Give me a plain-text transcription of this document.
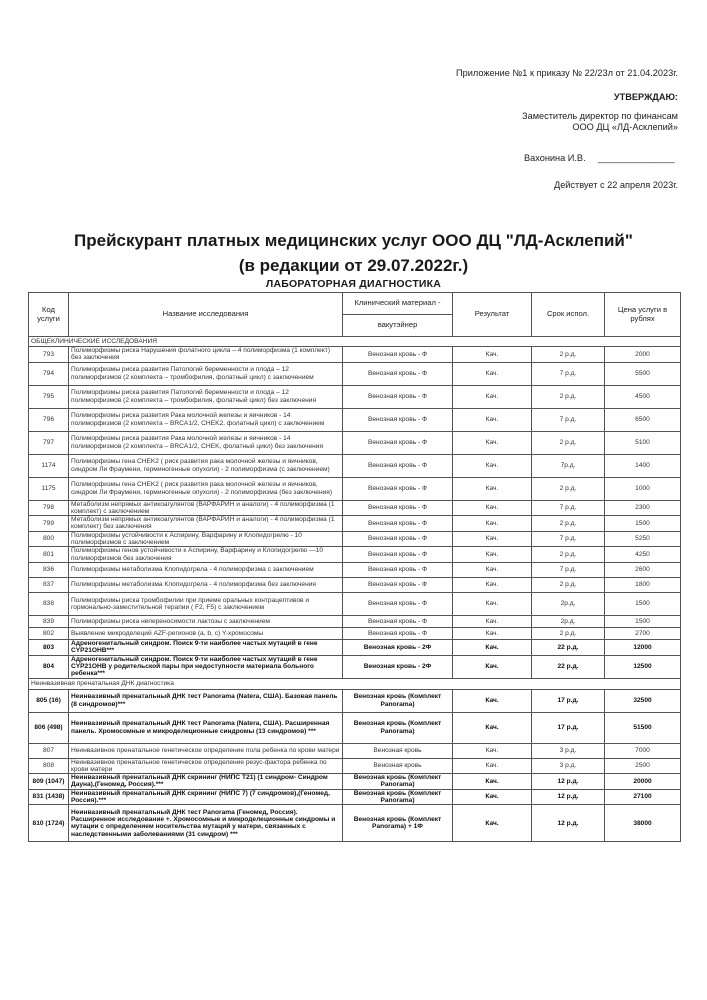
Приложение №1 к приказу № 22/23л от 21.04.2023г.
УТВЕРЖДАЮ:
Заместитель директор по финансам
ООО ДЦ «ЛД-Асклепий»
Вахонина И.В. _______________
Действует с 22 апреля 2023г.
Прейскурант платных медицинских услуг ООО ДЦ "ЛД-Асклепий"
(в редакции от 29.07.2022г.)
ЛАБОРАТОРНАЯ ДИАГНОСТИКА
Код услуги	Название исследования	Клинический материал -	Результат	Срок испол.	Цена услуги в рублях
		вакутэйнер			
ОБЩЕКЛИНИЧЕСКИЕ ИССЛЕДОВАНИЯ					
793	Полиморфизмы риска Нарушения фолатного цикла – 4 полиморфизма (1 комплект) без заключения	Венозная кровь - Ф	Кач.	2 р.д.	2000
794	Полиморфизмы риска развития Патологий беременности и плода – 12 полиморфизмов (2 комплекта – тромбофилия, фолатный цикл) с заключением	Венозная кровь - Ф	Кач.	7 р.д.	5500
795	Полиморфизмы риска развития Патологий беременности и плода – 12 полиморфизмов (2 комплекта – тромбофилия, фолатный цикл) без заключения	Венозная кровь - Ф	Кач.	2 р.д.	4500
796	Полиморфизмы риска развития Рака молочной железы и яичников - 14 полиморфизмов (2 комплекта – BRCA1/2, CHEK2, фолатный цикл) с заключением	Венозная кровь - Ф	Кач.	7 р.д.	6500
797	Полиморфизмы риска развития Рака молочной железы и яичников - 14 полиморфизмов (2 комплекта – BRCA1/2, CHEK, фолатный цикл) без заключения	Венозная кровь - Ф	Кач.	2 р.д.	5100
1174	Полиморфизмы гена CHEK2 ( риск развития рака молочной железы и яичников, синдром Ли Фраумени, герминогенные опухоли) - 2 полиморфизма (с заключением)	Венозная кровь - Ф	Кач.	7р.д.	1400
1175	Полиморфизмы гена CHEK2 ( риск развития рака молочной железы и яичников, синдром Ли Фраумени, герминогенные опухоли) - 2 полиморфизма (без заключения)	Венозная кровь - Ф	Кач.	2 р.д.	1000
798	Метаболизм непрямых антикоагулянтов (ВАРФАРИН и аналоги) - 4 полиморфизма (1 комплект) с заключением	Венозная кровь - Ф	Кач.	7 р.д.	2300
799	Метаболизм непрямых антикоагулянтов (ВАРФАРИН и аналоги) - 4 полиморфизма (1 комплект) без заключения	Венозная кровь - Ф	Кач.	2 р.д.	1500
800	Полиморфизмы устойчивости к Аспирину, Варфарину и Клопидогрелю - 10 полиморфизмов с заключением	Венозная кровь - Ф	Кач.	7 р.д.	5250
801	Полиморфизмы генов устойчивости к Аспирину, Варфарину и Клопидогрелю —10 полиморфизмов без заключения	Венозная кровь - Ф	Кач.	2 р.д.	4250
836	Полиморфизмы метаболизма Клопидогрела - 4 полиморфизма с заключением	Венозная кровь - Ф	Кач.	7 р.д.	2600
837	Полиморфизмы метаболизма Клопидогрела - 4 полиморфизма без заключения	Венозная кровь - Ф	Кач.	2 р.д.	1800
838	Полиморфизмы риска тромбофилии при приеме оральных контрацептивов и гормонально-заместительной терапии ( F2, F5) с заключением	Венозная кровь - Ф	Кач.	2р.д.	1500
839	Полиморфизмы риска непереносимости лактозы с заключением	Венозная кровь - Ф	Кач.	2р.д.	1500
802	Выявление микроделеций AZF-регионов (a, b, c) Y-хромосомы	Венозная кровь - Ф	Кач.	2 р.д.	2700
803	Адреногенитальный синдром. Поиск 9-ти наиболее частых мутаций в гене CYP21OHB***	Венозная кровь - 2Ф	Кач.	22 р.д.	12000
804	Адреногенитальный синдром. Поиск 9-ти наиболее частых мутаций в гене CYP21OHB у родительской пары при недоступности материала больного ребенка***	Венозная кровь - 2Ф	Кач.	22 р.д.	12500
Неинвазивная пренатальная ДНК диагностика					
805 (16)	Неинвазивный пренатальный ДНК тест Panorama (Natera, США). Базовая панель (8 синдромов)***	Венозная кровь (Комплект Panorama)	Кач.	17 р.д.	32500
806 (498)	Неинвазивный пренатальный ДНК тест Panorama (Natera, США). Расширенная панель. Хромосомные и микроделеционные синдромы (13 синдромов) ***	Венозная кровь (Комплект Panorama)	Кач.	17 р.д.	51500
807	Неинвазивное пренатальное генетическое определение пола ребенка по крови матери	Венозная кровь	Кач.	3 р.д.	7000
808	Неинвазивное пренатальное генетическое определение резус-фактора ребенка по крови матери	Венозная кровь	Кач.	3 р.д.	2500
809 (1047)	Неинвазивный пренатальный ДНК скрининг (НИПС T21) (1 синдром- Синдром Дауна),(Геномед, Россия).***	Венозная кровь (Комплект Panorama)	Кач.	12 р.д.	20000
831 (1438)	Неинвазивный пренатальный ДНК скрининг (НИПС 7) (7 синдромов),(Геномед, Россия).***	Венозная кровь (Комплект Panorama)	Кач.	12 р.д.	27100
810 (1724)	Неинвазивный пренатальный ДНК тест Panorama (Геномед, Россия). Расширенное исследование +. Хромосомные и микроделеционные синдромы и мутации с определением носительства мутаций у матери, связанных с наследственными заболеваниями (31 синдром) ***	Венозная кровь (Комплект Panorama) + 1Ф	Кач.	12 р.д.	38000
